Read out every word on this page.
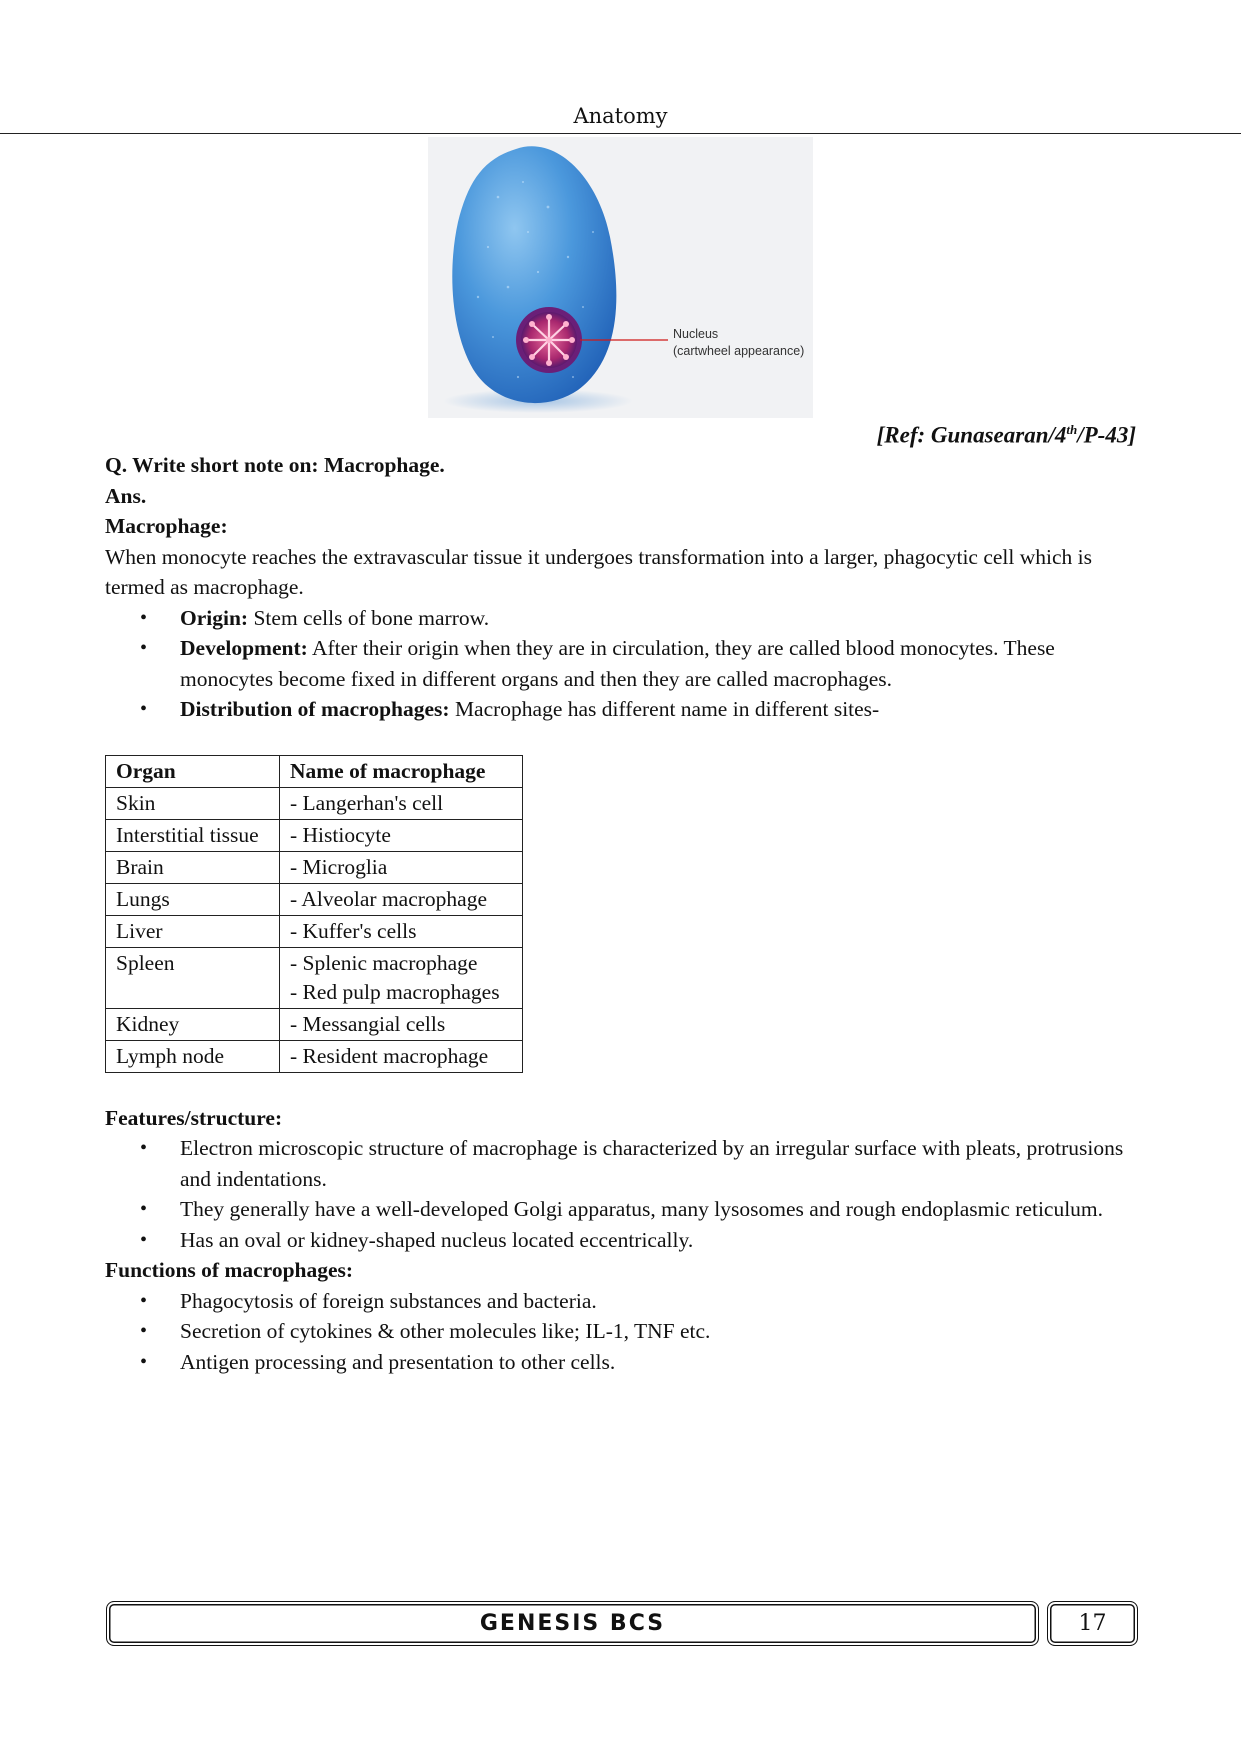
Anatomy
Nucleus
(cartwheel appearance)
[Ref: Gunasearan/4th/P-43]

Q. Write short note on: Macrophage.

Ans.

Macrophage:

When monocyte reaches the extravascular tissue it undergoes transformation into a larger, phagocytic cell which is termed as macrophage.

• Origin: Stem cells of bone marrow.
• Development: After their origin when they are in circulation, they are called blood monocytes. These monocytes become fixed in different organs and then they are called macrophages.
• Distribution of macrophages: Macrophage has different name in different sites-
Organ	Name of macrophage
Skin	- Langerhan's cell
Interstitial tissue	- Histiocyte
Brain	- Microglia
Lungs	- Alveolar macrophage
Liver	- Kuffer's cells
Spleen	- Splenic macrophage
- Red pulp macrophages

Kidney	- Messangial cells
Lymph node	- Resident macrophage

Features/structure:

• Electron microscopic structure of macrophage is characterized by an irregular surface with pleats, protrusions and indentations.
• They generally have a well-developed Golgi apparatus, many lysosomes and rough endoplasmic reticulum.
• Has an oval or kidney-shaped nucleus located eccentrically.

Functions of macrophages:

• Phagocytosis of foreign substances and bacteria.
• Secretion of cytokines & other molecules like; IL-1, TNF etc.
• Antigen processing and presentation to other cells.
GENESIS BCS	17
